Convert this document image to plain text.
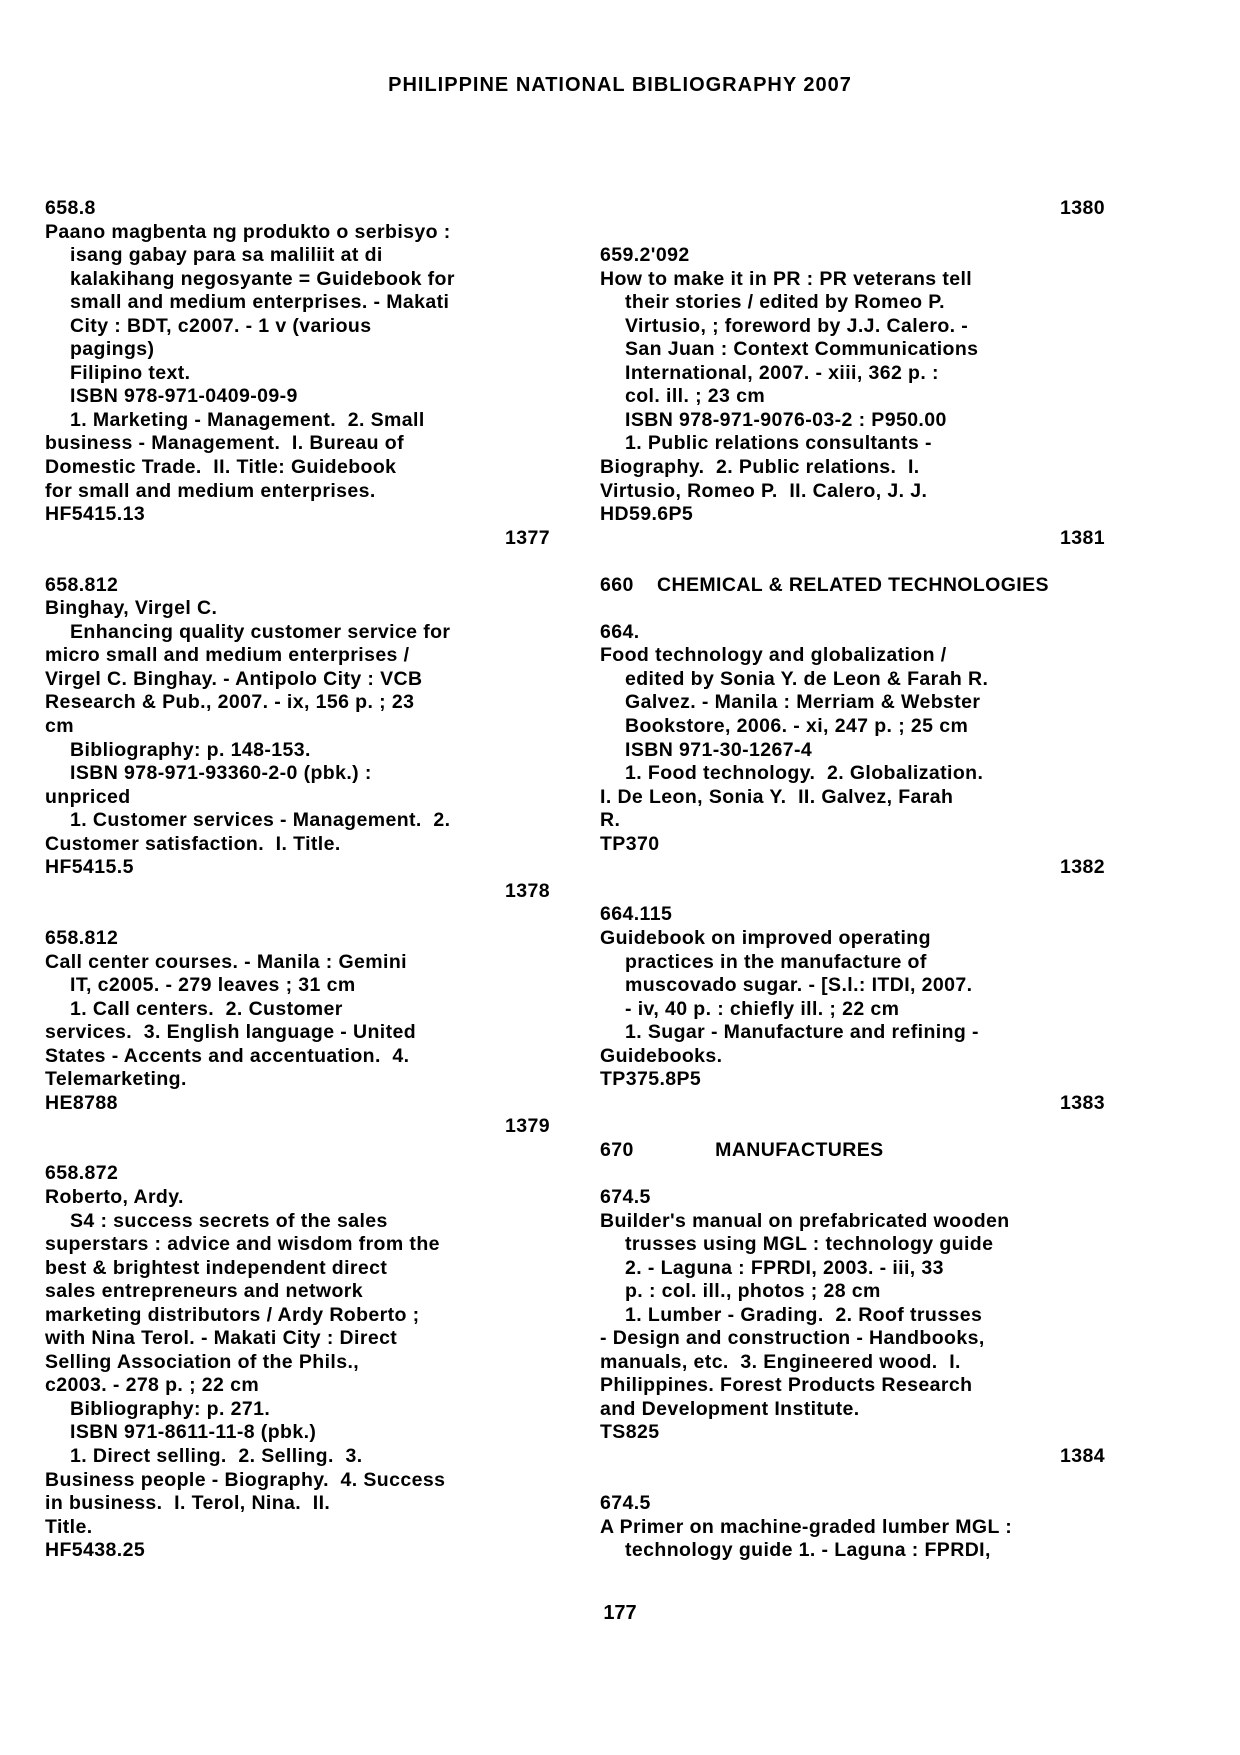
PHILIPPINE NATIONAL BIBLIOGRAPHY 2007
658.8
Paano magbenta ng produkto o serbisyo :
isang gabay para sa maliliit at di
kalakihang negosyante = Guidebook for
small and medium enterprises. - Makati
City : BDT, c2007. - 1 v (various
pagings)
Filipino text.
ISBN 978-971-0409-09-9
1. Marketing - Management.  2. Small
business - Management.  I. Bureau of
Domestic Trade.  II. Title: Guidebook
for small and medium enterprises.
HF5415.13
1377
658.812
Binghay, Virgel C.
Enhancing quality customer service for
micro small and medium enterprises /
Virgel C. Binghay. - Antipolo City : VCB
Research & Pub., 2007. - ix, 156 p. ; 23
cm
Bibliography: p. 148-153.
ISBN 978-971-93360-2-0 (pbk.) :
unpriced
1. Customer services - Management.  2.
Customer satisfaction.  I. Title.
HF5415.5
1378
658.812
Call center courses. - Manila : Gemini
IT, c2005. - 279 leaves ; 31 cm
1. Call centers.  2. Customer
services.  3. English language - United
States - Accents and accentuation.  4.
Telemarketing.
HE8788
1379
658.872
Roberto, Ardy.
S4 : success secrets of the sales
superstars : advice and wisdom from the
best & brightest independent direct
sales entrepreneurs and network
marketing distributors / Ardy Roberto ;
with Nina Terol. - Makati City : Direct
Selling Association of the Phils.,
c2003. - 278 p. ; 22 cm
Bibliography: p. 271.
ISBN 971-8611-11-8 (pbk.)
1. Direct selling.  2. Selling.  3.
Business people - Biography.  4. Success
in business.  I. Terol, Nina.  II.
Title.
HF5438.25
1380
659.2'092
How to make it in PR : PR veterans tell
their stories / edited by Romeo P.
Virtusio, ; foreword by J.J. Calero. -
San Juan : Context Communications
International, 2007. - xiii, 362 p. :
col. ill. ; 23 cm
ISBN 978-971-9076-03-2 : P950.00
1. Public relations consultants -
Biography.  2. Public relations.  I.
Virtusio, Romeo P.  II. Calero, J. J.
HD59.6P5
1381
660    CHEMICAL & RELATED TECHNOLOGIES
664.
Food technology and globalization /
edited by Sonia Y. de Leon & Farah R.
Galvez. - Manila : Merriam & Webster
Bookstore, 2006. - xi, 247 p. ; 25 cm
ISBN 971-30-1267-4
1. Food technology.  2. Globalization.
I. De Leon, Sonia Y.  II. Galvez, Farah
R.
TP370
1382
664.115
Guidebook on improved operating
practices in the manufacture of
muscovado sugar. - [S.l.: ITDI, 2007.
- iv, 40 p. : chiefly ill. ; 22 cm
1. Sugar - Manufacture and refining -
Guidebooks.
TP375.8P5
1383
670              MANUFACTURES
674.5
Builder's manual on prefabricated wooden
trusses using MGL : technology guide
2. - Laguna : FPRDI, 2003. - iii, 33
p. : col. ill., photos ; 28 cm
1. Lumber - Grading.  2. Roof trusses
- Design and construction - Handbooks,
manuals, etc.  3. Engineered wood.  I.
Philippines. Forest Products Research
and Development Institute.
TS825
1384
674.5
A Primer on machine-graded lumber MGL :
technology guide 1. - Laguna : FPRDI,
177
